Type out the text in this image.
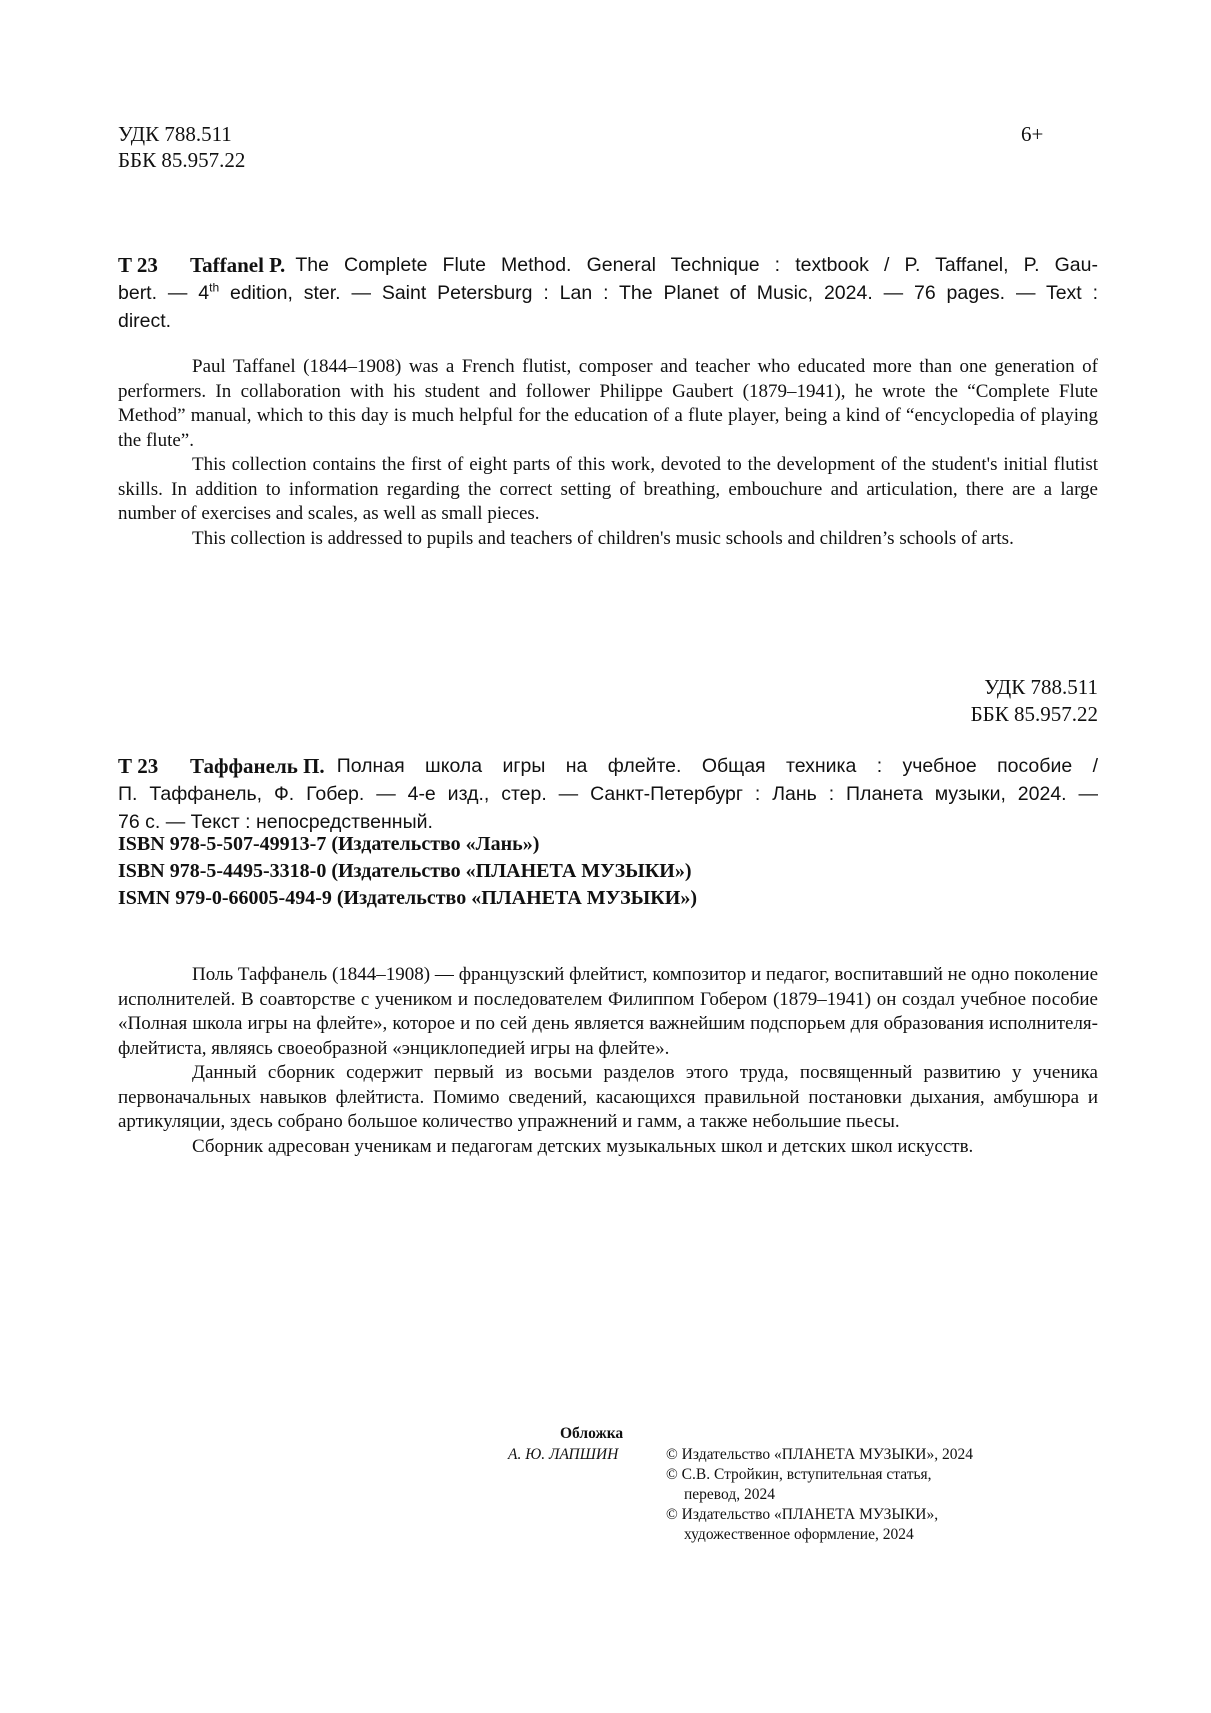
УДК 788.511
ББК 85.957.22
6+
T 23	Taffanel P. The Complete Flute Method. General Technique : textbook / P. Taffanel, P. Gau-
bert. — 4th edition, ster. — Saint Petersburg : Lan : The Planet of Music, 2024. — 76 pages. — Text :
direct.

Paul Taffanel (1844–1908) was a French flutist, composer and teacher who educated more than one generation of performers. In collaboration with his student and follower Philippe Gaubert (1879–1941), he wrote the “Complete Flute Method” manual, which to this day is much helpful for the education of a flute player, being a kind of “encyclopedia of playing the flute”.

This collection contains the first of eight parts of this work, devoted to the development of the student's initial flutist skills. In addition to information regarding the correct setting of breathing, embouchure and articulation, there are a large number of exercises and scales, as well as small pieces.

This collection is addressed to pupils and teachers of children's music schools and children’s schools of arts.

УДК 788.511
ББК 85.957.22
Т 23	Таффанель П. Полная школа игры на флейте. Общая техника : учебное пособие /
П. Таффанель, Ф. Гобер. — 4-е изд., стер. — Санкт-Петербург : Лань : Планета музыки, 2024. —
76 с. — Текст : непосредственный.
ISBN 978-5-507-49913-7 (Издательство «Лань»)
ISBN 978-5-4495-3318-0 (Издательство «ПЛАНЕТА МУЗЫКИ»)
ISMN 979-0-66005-494-9 (Издательство «ПЛАНЕТА МУЗЫКИ»)

Поль Таффанель (1844–1908) — французский флейтист, композитор и педагог, воспитавший не одно поколение исполнителей. В соавторстве с учеником и последователем Филиппом Гобером (1879–1941) он создал учебное пособие «Полная школа игры на флейте», которое и по сей день является важнейшим подспорьем для образования исполнителя-флейтиста, являясь своеобразной «энциклопедией игры на флейте».

Данный сборник содержит первый из восьми разделов этого труда, посвященный развитию у ученика первоначальных навыков флейтиста. Помимо сведений, касающихся правильной постановки дыхания, амбушюра и артикуляции, здесь собрано большое количество упражнений и гамм, а также небольшие пьесы.

Сборник адресован ученикам и педагогам детских музыкальных школ и детских школ искусств.

Обложка
А. Ю. ЛАПШИН	© Издательство «ПЛАНЕТА МУЗЫКИ», 2024
© С.В. Стройкин, вступительная статья,
перевод, 2024
© Издательство «ПЛАНЕТА МУЗЫКИ»,
художественное оформление, 2024
